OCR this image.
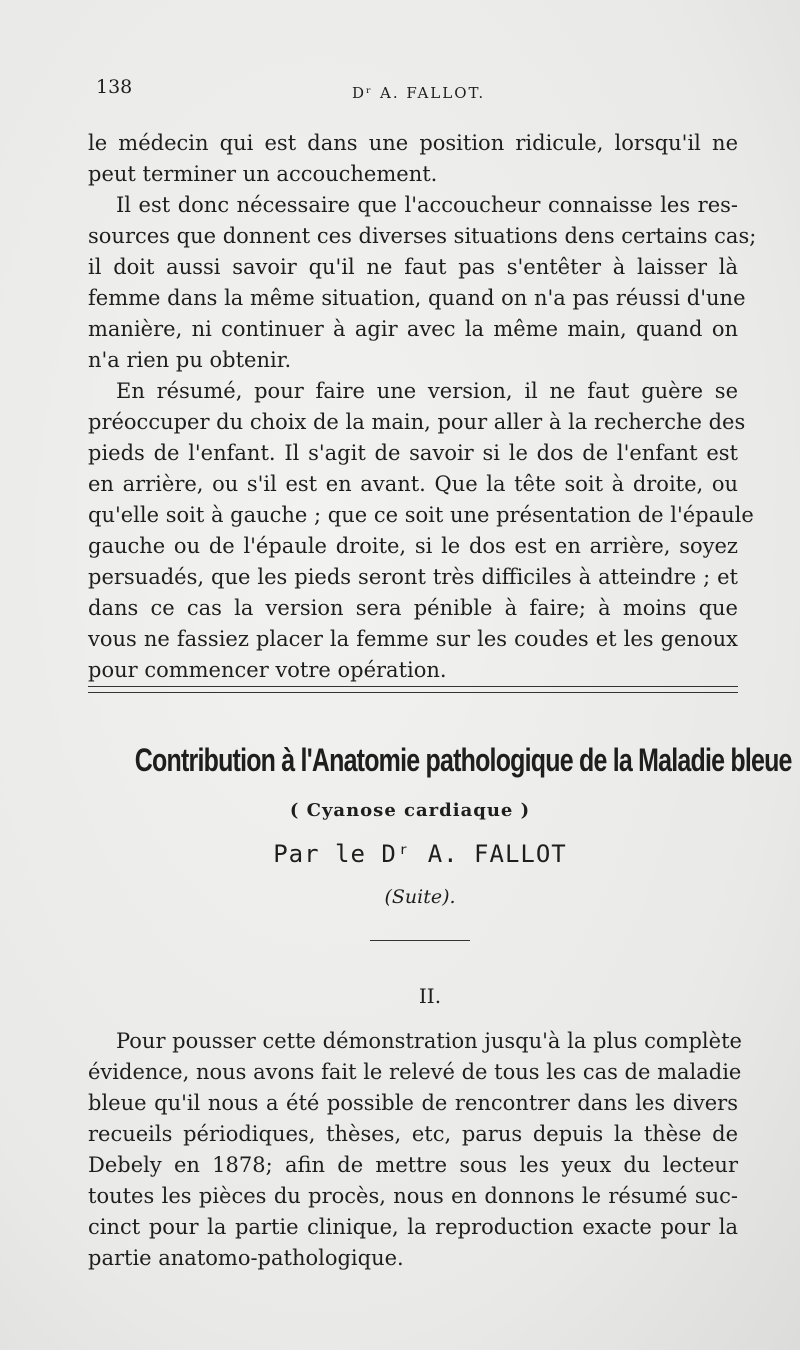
138	Dʳ A. FALLOT.
le médecin qui est dans une position ridicule, lorsqu'il ne
peut terminer un accouchement.
Il est donc nécessaire que l'accoucheur connaisse les res-
sources que donnent ces diverses situations dens certains cas;
il doit aussi savoir qu'il ne faut pas s'entêter à laisser là
femme dans la même situation, quand on n'a pas réussi d'une
manière, ni continuer à agir avec la même main, quand on
n'a rien pu obtenir.
En résumé, pour faire une version, il ne faut guère se
préoccuper du choix de la main, pour aller à la recherche des
pieds de l'enfant. Il s'agit de savoir si le dos de l'enfant est
en arrière, ou s'il est en avant. Que la tête soit à droite, ou
qu'elle soit à gauche ; que ce soit une présentation de l'épaule
gauche ou de l'épaule droite, si le dos est en arrière, soyez
persuadés, que les pieds seront très difficiles à atteindre ; et
dans ce cas la version sera pénible à faire; à moins que
vous ne fassiez placer la femme sur les coudes et les genoux
pour commencer votre opération.
Contribution à l'Anatomie pathologique de la Maladie bleue
( Cyanose cardiaque )
Par le Dʳ A. FALLOT
(Suite).
II.
Pour pousser cette démonstration jusqu'à la plus complète
évidence, nous avons fait le relevé de tous les cas de maladie
bleue qu'il nous a été possible de rencontrer dans les divers
recueils périodiques, thèses, etc, parus depuis la thèse de
Debely en 1878; afin de mettre sous les yeux du lecteur
toutes les pièces du procès, nous en donnons le résumé suc-
cinct pour la partie clinique, la reproduction exacte pour la
partie anatomo-pathologique.
